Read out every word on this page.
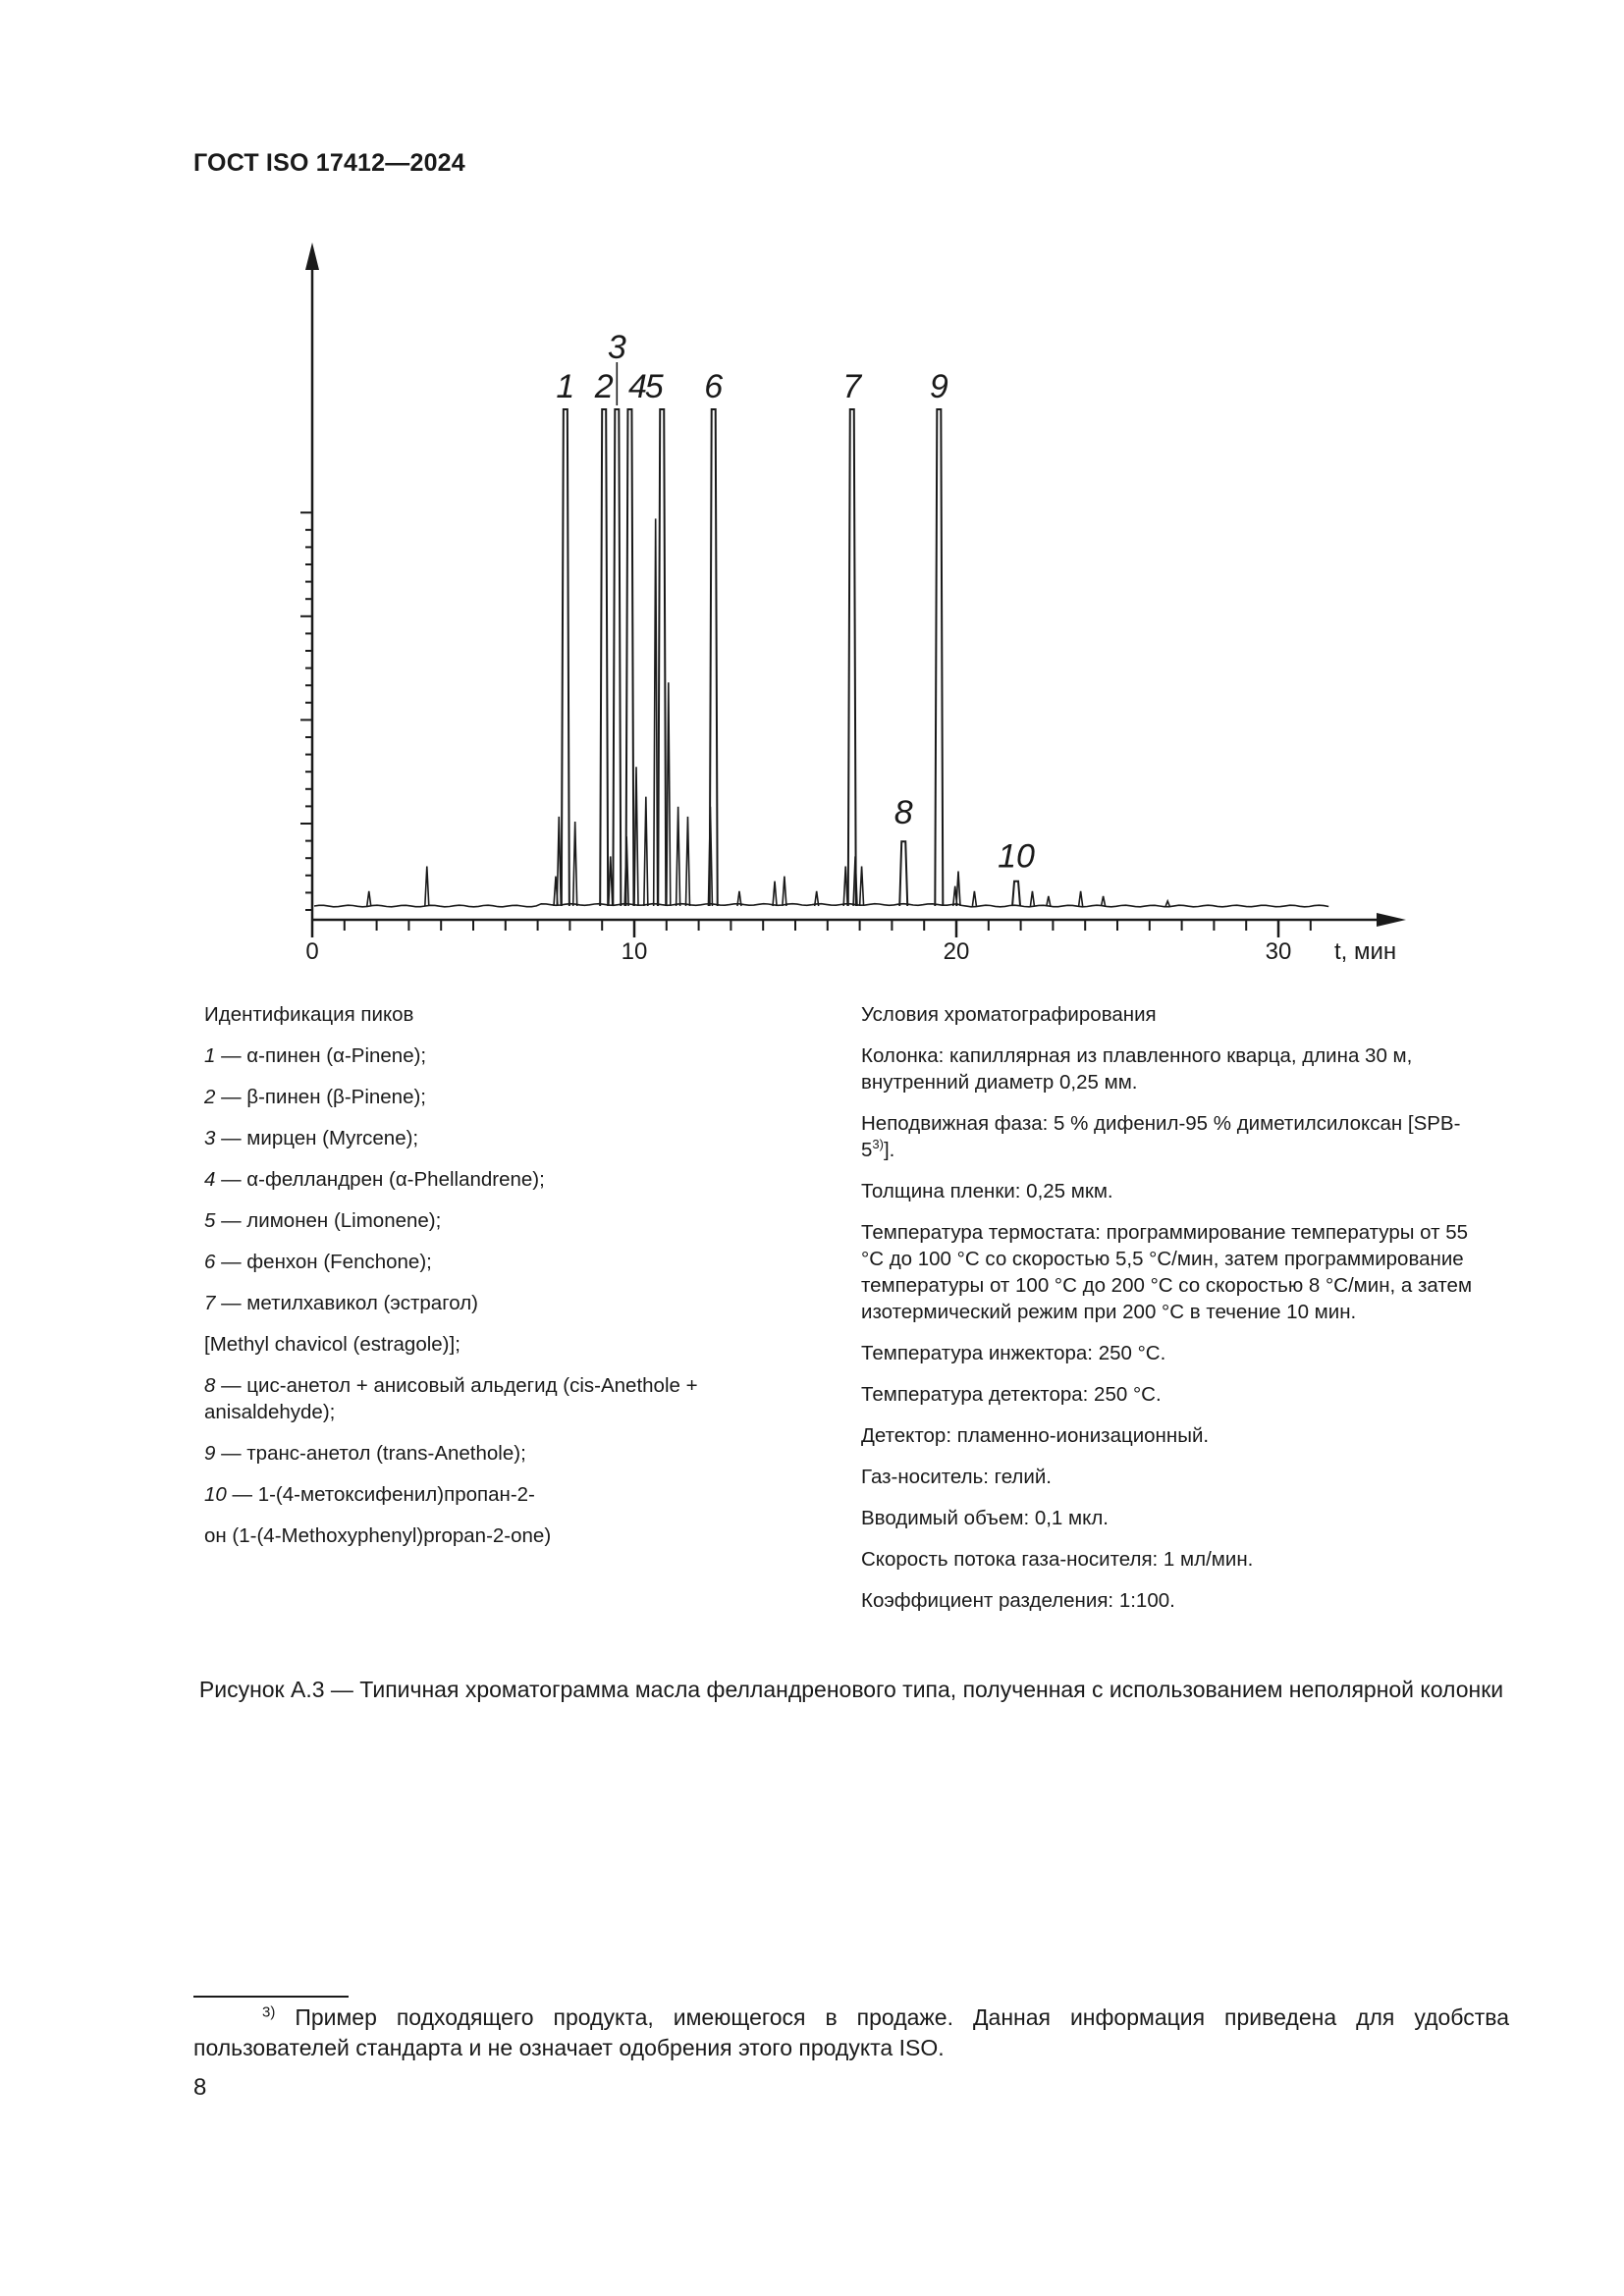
ГОСТ ISO 17412—2024
0	10	20	30 t, мин
1 2
3
4
5 6	7
8
9
10

Идентификация пиков

1 — α-пинен (α-Pinene);

2 — β-пинен (β-Pinene);

3 — мирцен (Myrcene);

4 — α-фелландрен (α-Phellandrene);

5 — лимонен (Limonene);

6 — фенхон (Fenchone);

7 — метилхавикол (эстрагол)

[Methyl chavicol (estragole)];

8 — цис-анетол + анисовый альдегид (cis-Anethole + anisaldehyde);

9 — транс-анетол (trans-Anethole);

10 — 1-(4-метоксифенил)пропан-2-

он (1-(4-Methoxyphenyl)propan-2-one)

Условия хроматографирования

Колонка: капиллярная из плавленного кварца, длина 30 м, внутренний диаметр 0,25 мм.

Неподвижная фаза: 5 % дифенил-95 % диметилсилоксан [SPB-5$^{3)}$].

Толщина пленки: 0,25 мкм.

Температура термостата: программирование температуры от 55 °C до 100 °C со скоростью 5,5 °C/мин, затем программирование температуры от 100 °C до 200 °C со скоростью 8 °C/мин, а затем изотермический режим при 200 °C в течение 10 мин.

Температура инжектора: 250 °C.

Температура детектора: 250 °C.

Детектор: пламенно-ионизационный.

Газ-носитель: гелий.

Вводимый объем: 0,1 мкл.

Скорость потока газа-носителя: 1 мл/мин.

Коэффициент разделения: 1:100.

Рисунок А.3 — Типичная хроматограмма масла фелландренового типа, полученная с использованием неполярной колонки
$^{3)}$ Пример подходящего продукта, имеющегося в продаже. Данная информация приведена для удобства пользователей стандарта и не означает одобрения этого продукта ISO.
8
